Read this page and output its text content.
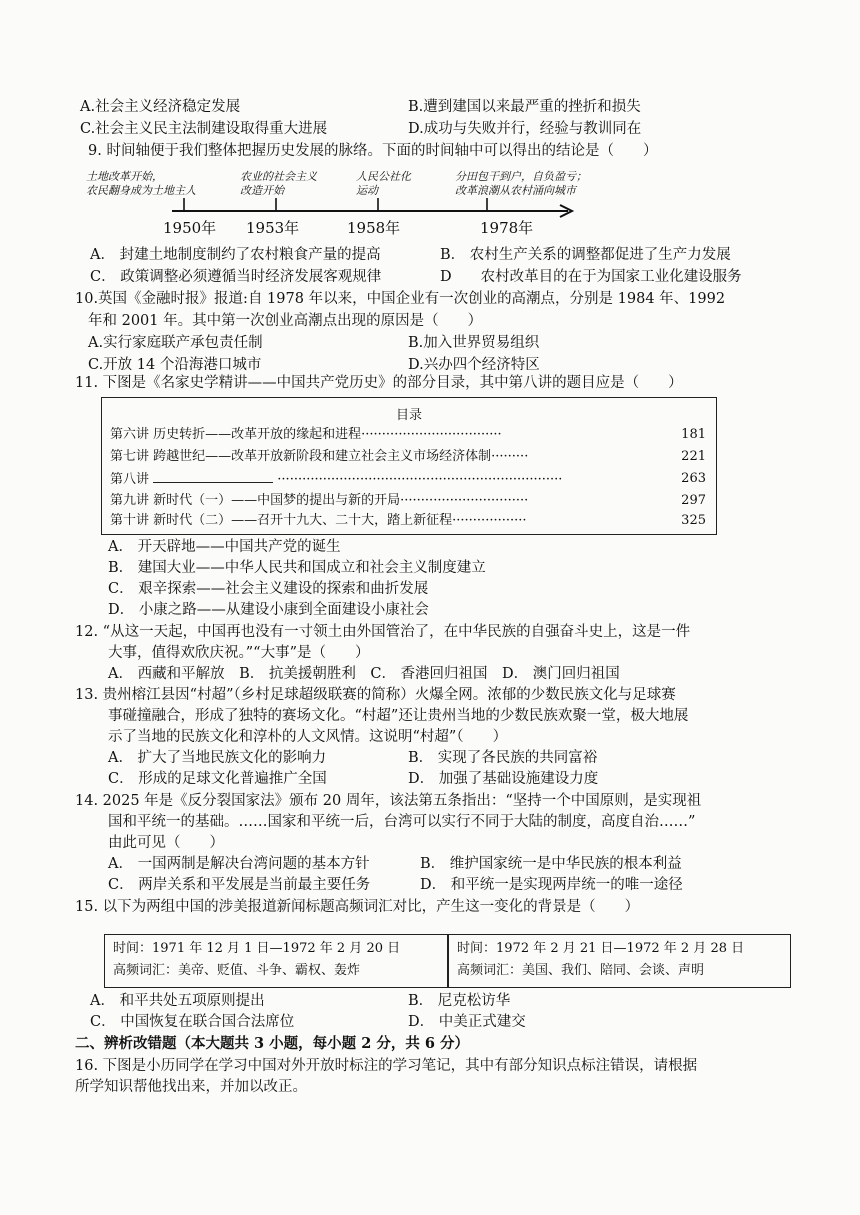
A.社会主义经济稳定发展	B.遭到建国以来最严重的挫折和损失
C.社会主义民主法制建设取得重大进展	D.成功与失败并行，经验与教训同在
9. 时间轴便于我们整体把握历史发展的脉络。下面的时间轴中可以得出的结论是（　　）
土地改革开始，
农民翻身成为土地主人
农业的社会主义
改造开始
人民公社化
运动
分田包干到户，自负盈亏；
改革浪潮从农村涌向城市
1950年 1953年	1958年	1978年
A． 封建土地制度制约了农村粮食产量的提高	B． 农村生产关系的调整都促进了生产力发展
C． 政策调整必须遵循当时经济发展客观规律	D　　农村改革目的在于为国家工业化建设服务
10.英国《金融时报》报道:自 1978 年以来，中国企业有一次创业的高潮点，分别是 1984 年、1992
年和 2001 年。其中第一次创业高潮点出现的原因是（　　）
A.实行家庭联产承包责任制	B.加入世界贸易组织
C.开放 14 个沿海港口城市	D.兴办四个经济特区
11. 下图是《名家史学精讲——中国共产党历史》的部分目录，其中第八讲的题目应是（　　）
目录
第六讲 历史转折——改革开放的缘起和进程··································	181
第七讲 跨越世纪——改革开放新阶段和建立社会主义市场经济体制·········	221
第八讲	·····································································	263
第九讲 新时代（一）——中国梦的提出与新的开局·······························	297
第十讲 新时代（二）——召开十九大、二十大，踏上新征程··················	325
A． 开天辟地——中国共产党的诞生
B． 建国大业——中华人民共和国成立和社会主义制度建立
C． 艰辛探索——社会主义建设的探索和曲折发展
D． 小康之路——从建设小康到全面建设小康社会
12. “从这一天起，中国再也没有一寸领土由外国管治了，在中华民族的自强奋斗史上，这是一件
大事，值得欢欣庆祝。”“大事”是（　　）
A． 西藏和平解放　B． 抗美援朝胜利　C． 香港回归祖国　D． 澳门回归祖国
13. 贵州榕江县因“村超”（乡村足球超级联赛的简称）火爆全网。浓郁的少数民族文化与足球赛
事碰撞融合，形成了独特的赛场文化。“村超”还让贵州当地的少数民族欢聚一堂，极大地展
示了当地的民族文化和淳朴的人文风情。这说明“村超”（　　）
A． 扩大了当地民族文化的影响力	B． 实现了各民族的共同富裕
C． 形成的足球文化普遍推广全国	D． 加强了基础设施建设力度
14. 2025 年是《反分裂国家法》颁布 20 周年，该法第五条指出：“坚持一个中国原则，是实现祖
国和平统一的基础。……国家和平统一后，台湾可以实行不同于大陆的制度，高度自治……”
由此可见（　　）
A． 一国两制是解决台湾问题的基本方针	B． 维护国家统一是中华民族的根本利益
C． 两岸关系和平发展是当前最主要任务	D． 和平统一是实现两岸统一的唯一途径
15. 以下为两组中国的涉美报道新闻标题高频词汇对比，产生这一变化的背景是（　　）
时间：1971 年 12 月 1 日—1972 年 2 月 20 日
高频词汇：美帝、贬值、斗争、霸权、轰炸
时间：1972 年 2 月 21 日—1972 年 2 月 28 日
高频词汇：美国、我们、陪同、会谈、声明
A． 和平共处五项原则提出	B． 尼克松访华
C． 中国恢复在联合国合法席位	D． 中美正式建交
二、辨析改错题（本大题共 3 小题，每小题 2 分，共 6 分）
16. 下图是小历同学在学习中国对外开放时标注的学习笔记，其中有部分知识点标注错误，请根据
所学知识帮他找出来，并加以改正。
